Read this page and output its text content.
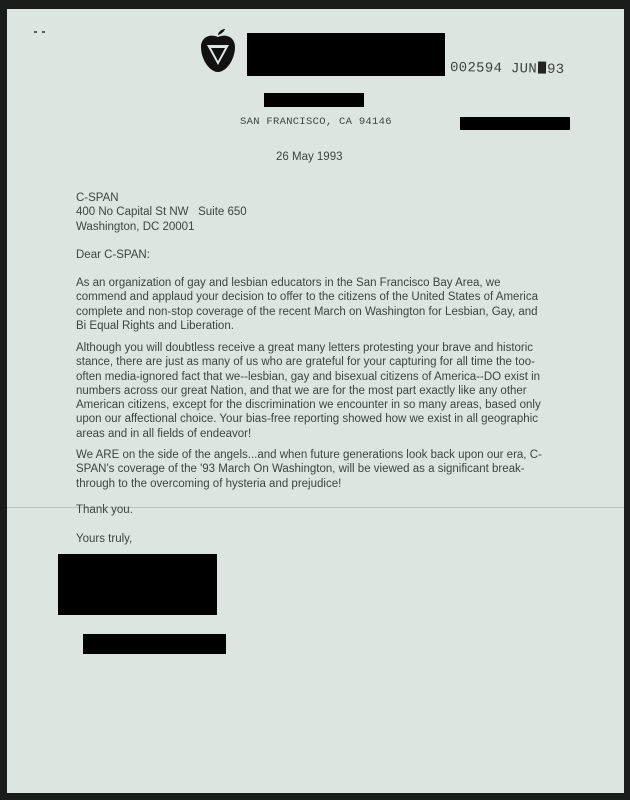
002594 JUN 93
SAN FRANCISCO, CA 94146
26 May 1993
C-SPAN
400 No Capital St NW   Suite 650
Washington, DC 20001
Dear C-SPAN:
As an organization of gay and lesbian educators in the San Francisco Bay Area, we commend and applaud your decision to offer to the citizens of the United States of America complete and non-stop coverage of the recent March on Washington for Lesbian, Gay, and Bi Equal Rights and Liberation.
Although you will doubtless receive a great many letters protesting your brave and historic stance, there are just as many of us who are grateful for your capturing for all time the too-often media-ignored fact that we--lesbian, gay and bisexual citizens of America--DO exist in numbers across our great Nation, and that we are for the most part exactly like any other American citizens, except for the discrimination we encounter in so many areas, based only upon our affectional choice. Your bias-free reporting showed how we exist in all geographic areas and in all fields of endeavor!
We ARE on the side of the angels...and when future generations look back upon our era, C-SPAN's coverage of the '93 March On Washington, will be viewed as a significant break-through to the overcoming of hysteria and prejudice!
Thank you.
Yours truly,
